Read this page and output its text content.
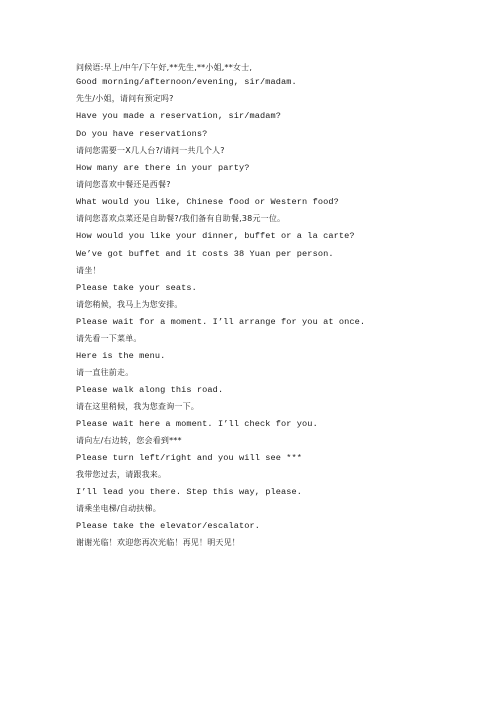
问候语:早上/中午/下午好,**先生,**小姐,**女士,
Good morning/afternoon/evening, sir/madam.
先生/小姐，请问有预定吗?
Have you made a reservation, sir/madam?
Do you have reservations?
请问您需要一X几人台?/请问一共几个人?
How many are there in your party?
请问您喜欢中餐还是西餐?
What would you like, Chinese food or Western food?
请问您喜欢点菜还是自助餐?/我们备有自助餐,38元一位。
How would you like your dinner, buffet or a la carte?
We’ve got buffet and it costs 38 Yuan per person.
请坐！
Please take your seats.
请您稍候，我马上为您安排。
Please wait for a moment. I’ll arrange for you at once.
请先看一下菜单。
Here is the menu.
请一直往前走。
Please walk along this road.
请在这里稍候，我为您查询一下。
Please wait here a moment. I’ll check for you.
请向左/右边转，您会看到***
Please turn left/right and you will see ***
我带您过去，请跟我来。
I’ll lead you there. Step this way, please.
请乘坐电梯/自动扶梯。
Please take the elevator/escalator.
谢谢光临！欢迎您再次光临！再见！明天见！
